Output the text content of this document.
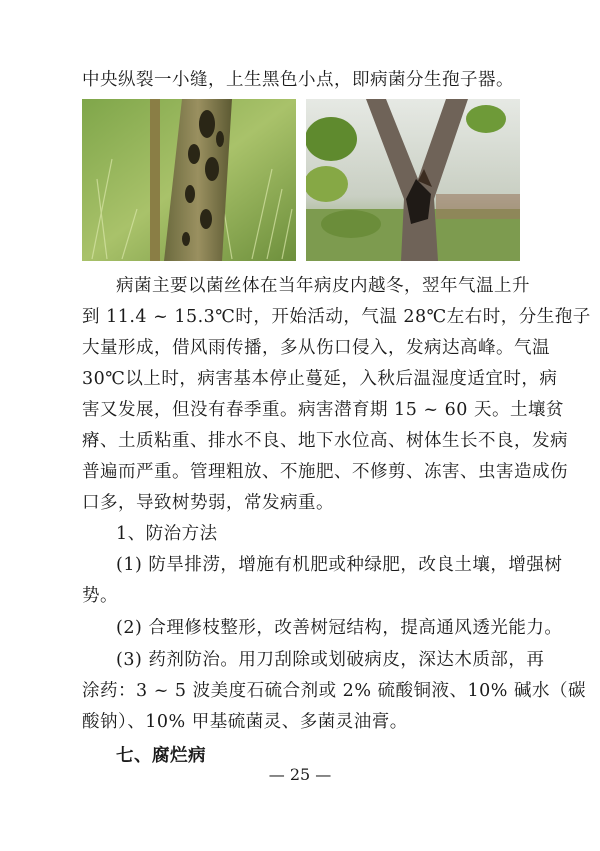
中央纵裂一小缝，上生黑色小点，即病菌分生孢子器。
病菌主要以菌丝体在当年病皮内越冬，翌年气温上升
到 11.4 ~ 15.3℃时，开始活动，气温 28℃左右时，分生孢子
大量形成，借风雨传播，多从伤口侵入，发病达高峰。气温
30℃以上时，病害基本停止蔓延，入秋后温湿度适宜时，病
害又发展，但没有春季重。病害潜育期 15 ~ 60 天。土壤贫
瘠、土质粘重、排水不良、地下水位高、树体生长不良，发病
普遍而严重。管理粗放、不施肥、不修剪、冻害、虫害造成伤
口多，导致树势弱，常发病重。
1、防治方法
(1) 防旱排涝，增施有机肥或种绿肥，改良土壤，增强树
势。
(2) 合理修枝整形，改善树冠结构，提高通风透光能力。
(3) 药剂防治。用刀刮除或划破病皮，深达木质部，再
涂药：3 ~ 5 波美度石硫合剂或 2% 硫酸铜液、10% 碱水（碳
酸钠）、10% 甲基硫菌灵、多菌灵油膏。
七、腐烂病
— 25 —
